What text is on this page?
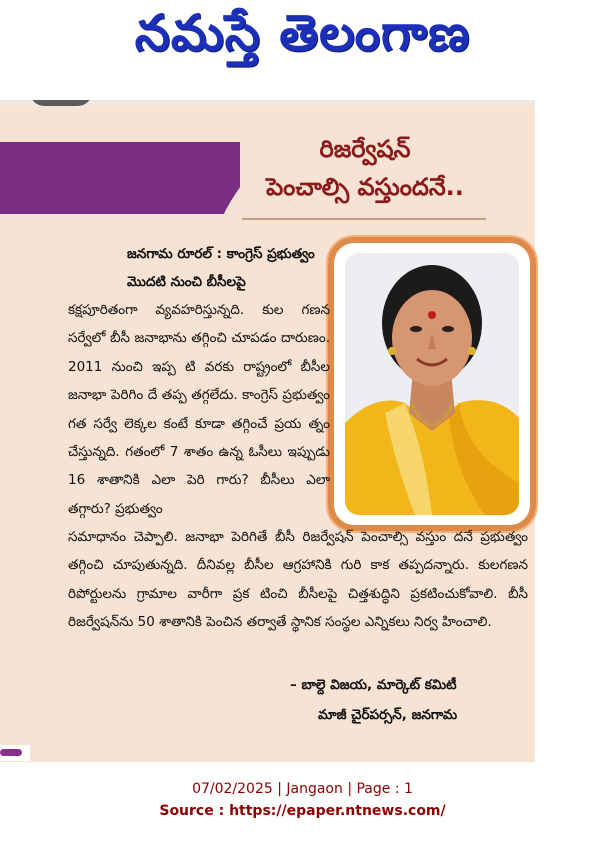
నమస్తే తెలంగాణ
రిజర్వేషన్
పెంచాల్సి వస్తుందనే..
జనగామ రూరల్ : కాంగ్రెస్ ప్రభుత్వం మొదటి నుంచి బీసీలపై
కక్షపూరితంగా వ్యవహరిస్తున్నది. కుల గణన సర్వేలో బీసీ జనాభాను తగ్గించి చూపడం దారుణం. 2011 నుంచి ఇప్ప టి వరకు రాష్ట్రంలో బీసీల జనాభా పెరిగిం దే తప్ప తగ్గలేదు. కాంగ్రెస్ ప్రభుత్వం గత సర్వే లెక్కల కంటే కూడా తగ్గించే ప్రయ త్నం చేస్తున్నది. గతంలో 7 శాతం ఉన్న ఓసీలు ఇప్పుడు 16 శాతానికి ఎలా పెరి గారు? బీసీలు ఎలా తగ్గారు? ప్రభుత్వం
సమాధానం చెప్పాలి. జనాభా పెరిగితే బీసీ రిజర్వేషన్ పెంచాల్సి వస్తుం దనే ప్రభుత్వం తగ్గించి చూపుతున్నది. దీనివల్ల బీసీల ఆగ్రహానికి గురి కాక తప్పదన్నారు. కులగణన రిపోర్టులను గ్రామాల వారీగా ప్రక టించి బీసీలపై చిత్తశుద్ధిని ప్రకటించుకోవాలి. బీసీ రిజర్వేషన్‌ను 50 శాతానికి పెంచిన తర్వాతే స్థానిక సంస్థల ఎన్నికలు నిర్వ హించాలి.
– బాల్దె విజయ, మార్కెట్ కమిటీ
మాజీ చైర్‌పర్సన్, జనగామ
07/02/2025 | Jangaon | Page : 1
Source : https://epaper.ntnews.com/
